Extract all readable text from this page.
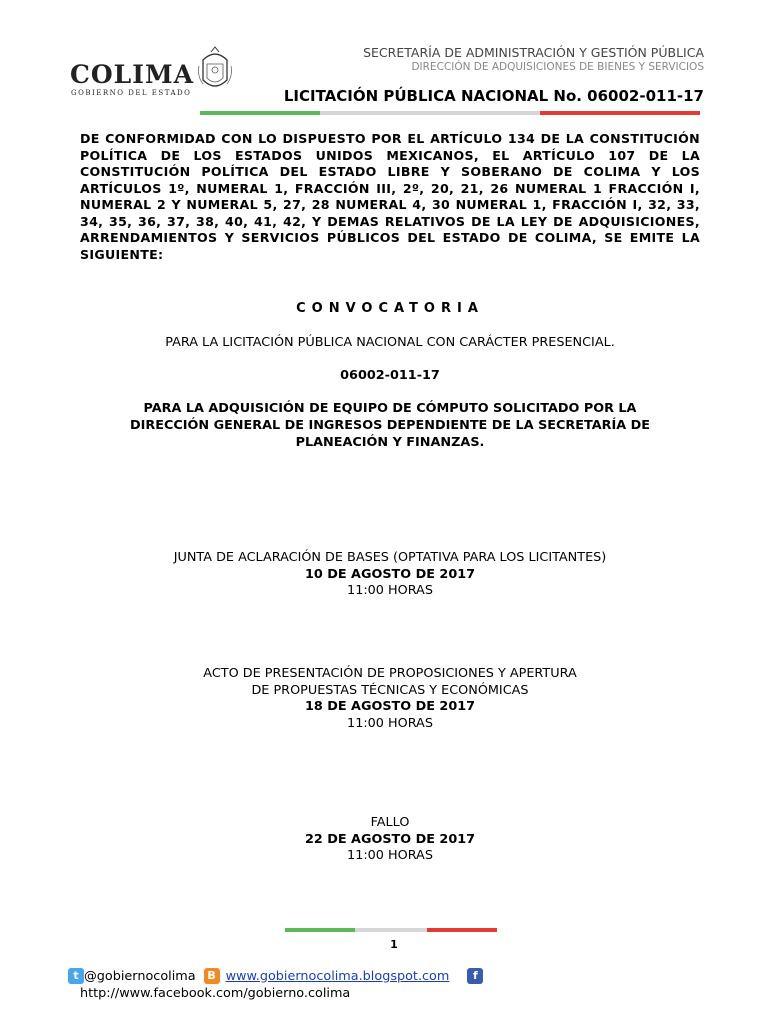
COLIMA
GOBIERNO DEL ESTADO
SECRETARÍA DE ADMINISTRACIÓN Y GESTIÓN PÚBLICA
DIRECCIÓN DE ADQUISICIONES DE BIENES Y SERVICIOS
LICITACIÓN PÚBLICA NACIONAL No. 06002-011-17
DE CONFORMIDAD CON LO DISPUESTO POR EL ARTÍCULO 134 DE LA CONSTITUCIÓN POLÍTICA DE LOS ESTADOS UNIDOS MEXICANOS, EL ARTÍCULO 107 DE LA CONSTITUCIÓN POLÍTICA DEL ESTADO LIBRE Y SOBERANO DE COLIMA Y LOS ARTÍCULOS 1º, NUMERAL 1, FRACCIÓN III, 2º, 20, 21, 26 NUMERAL 1 FRACCIÓN I, NUMERAL 2 Y NUMERAL 5, 27, 28 NUMERAL 4, 30 NUMERAL 1, FRACCIÓN I, 32, 33, 34, 35, 36, 37, 38, 40, 41, 42, Y DEMAS RELATIVOS DE LA LEY DE ADQUISICIONES, ARRENDAMIENTOS Y SERVICIOS PÚBLICOS DEL ESTADO DE COLIMA, SE EMITE LA SIGUIENTE:
CONVOCATORIA
PARA LA LICITACIÓN PÚBLICA NACIONAL CON CARÁCTER PRESENCIAL.
06002-011-17
PARA LA ADQUISICIÓN DE EQUIPO DE CÓMPUTO SOLICITADO POR LA
DIRECCIÓN GENERAL DE INGRESOS DEPENDIENTE DE LA SECRETARÍA DE
PLANEACIÓN Y FINANZAS.
JUNTA DE ACLARACIÓN DE BASES (OPTATIVA PARA LOS LICITANTES)
10 DE AGOSTO DE 2017
11:00 HORAS
ACTO DE PRESENTACIÓN DE PROPOSICIONES Y APERTURA
DE PROPUESTAS TÉCNICAS Y ECONÓMICAS
18 DE AGOSTO DE 2017
11:00 HORAS
FALLO
22 DE AGOSTO DE 2017
11:00 HORAS
1
t @gobiernocolima	B www.gobiernocolima.blogspot.com	f
http://www.facebook.com/gobierno.colima
